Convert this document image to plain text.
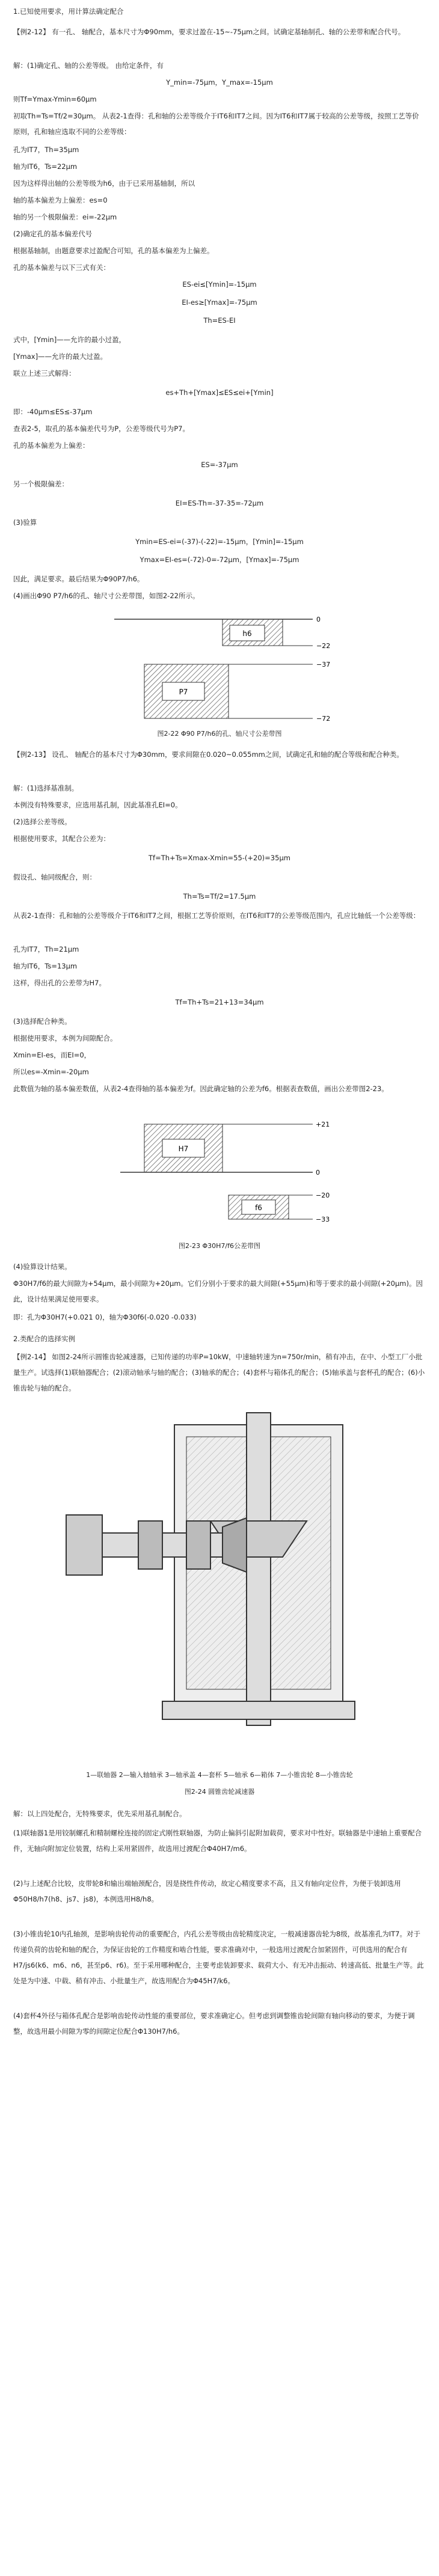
1.已知使用要求，用计算法确定配合
【例2-12】 有一孔、 轴配合，基本尺寸为Φ90mm，要求过盈在-15~-75μm之间。试确定基轴制孔、轴的公差带和配合代号。
解：(1)确定孔、轴的公差等级。 由给定条件，有
Y_min=-75μm，Y_max=-15μm
则Tf=Ymax-Ymin=60μm
初取Th=Ts=Tf/2=30μm。 从表2-1查得：孔和轴的公差等级介于IT6和IT7之间。因为IT6和IT7属于较高的公差等级，按照工艺等价原则，孔和轴应选取不同的公差等级：
孔为IT7，Th=35μm
轴为IT6，Ts=22μm
因为这样得出轴的公差等级为h6，由于已采用基轴制，所以
轴的基本偏差为上偏差：es=0
轴的另一个极限偏差：ei=-22μm
(2)确定孔的基本偏差代号
根据基轴制，由题意要求过盈配合可知，孔的基本偏差为上偏差。
孔的基本偏差与以下三式有关：
ES-ei≤[Ymin]=-15μm
EI-es≥[Ymax]=-75μm
Th=ES-EI
式中，[Ymin]——允许的最小过盈，
[Ymax]——允许的最大过盈。
联立上述三式解得：
es+Th+[Ymax]≤ES≤ei+[Ymin]
即：-40μm≤ES≤-37μm
查表2-5，取孔的基本偏差代号为P，公差等级代号为P7。
孔的基本偏差为上偏差：
ES=-37μm
另一个极限偏差：
EI=ES-Th=-37-35=-72μm
(3)验算
Ymin=ES-ei=(-37)-(-22)=-15μm，[Ymin]=-15μm
Ymax=EI-es=(-72)-0=-72μm，[Ymax]=-75μm
因此，满足要求。最后结果为Φ90P7/h6。
(4)画出Φ90 P7/h6的孔、轴尺寸公差带图，如图2-22所示。
h6
P7
0
−22
−37
−72
图2-22 Φ90 P7/h6的孔、轴尺寸公差带图
【例2-13】 设孔、 轴配合的基本尺寸为Φ30mm，要求间隙在0.020~0.055mm之间，试确定孔和轴的配合等级和配合种类。
解：(1)选择基准制。
本例没有特殊要求，应选用基孔制，因此基准孔EI=0。
(2)选择公差等级。
根据使用要求，其配合公差为：
Tf=Th+Ts=Xmax-Xmin=55-(+20)=35μm
假设孔、轴同级配合，则：
Th=Ts=Tf/2=17.5μm
从表2-1查得：孔和轴的公差等级介于IT6和IT7之间，根据工艺等价原则，在IT6和IT7的公差等级范围内，孔应比轴低一个公差等级：
孔为IT7，Th=21μm
轴为IT6，Ts=13μm
这样，得出孔的公差带为H7。
Tf=Th+Ts=21+13=34μm
(3)选择配合种类。
根据使用要求，本例为间隙配合。
Xmin=EI-es，而EI=0，
所以es=-Xmin=-20μm
此数值为轴的基本偏差数值，从表2-4查得轴的基本偏差为f。因此确定轴的公差为f6。根据表查数值，画出公差带图2-23。
H7
f6
+21
0
−20
−33
图2-23 Φ30H7/f6公差带图
(4)验算设计结果。
Φ30H7/f6的最大间隙为+54μm，最小间隙为+20μm。它们分别小于要求的最大间隙(+55μm)和等于要求的最小间隙(+20μm)。因此，设计结果满足使用要求。
即：孔为Φ30H7(+0.021 0)，轴为Φ30f6(-0.020 -0.033)
2.类配合的选择实例
【例2-14】 如图2-24所示圆锥齿轮减速器，已知传递的功率P=10kW，中速轴转速为n=750r/min，稍有冲击，在中、小型工厂小批量生产。试选择(1)联轴器配合；(2)滚动轴承与轴的配合；(3)轴承的配合；(4)套杯与箱体孔的配合；(5)轴承盖与套杯孔的配合；(6)小锥齿轮与轴的配合。
1—联轴器 2—输入轴轴承 3—轴承盖 4—套杯 5—轴承 6—箱体 7—小锥齿轮 8—小锥齿轮
图2-24 圆锥齿轮减速器
解：以上四处配合，无特殊要求，优先采用基孔制配合。
(1)联轴器1是用铰制螺孔和精制螺栓连接的固定式刚性联轴器，为防止偏斜引起附加载荷，要求对中性好。联轴器是中速轴上重要配合件，无轴向附加定位装置，结构上采用紧固件，故选用过渡配合Φ40H7/m6。
(2)与上述配合比较，皮带轮8和输出端轴颈配合，因是挠性件传动，故定心精度要求不高，且又有轴向定位件，为便于装卸选用Φ50H8/h7(h8、js7、js8)，本例选用H8/h8。
(3)小锥齿轮10内孔轴颈，是影响齿轮传动的重要配合，内孔公差等级由齿轮精度决定，一般减速器齿轮为8级，故基准孔为IT7。对于传递负荷的齿轮和轴的配合，为保证齿轮的工作精度和啮合性能，要求准确对中，一般选用过渡配合加紧固件，可供选用的配合有H7/js6(k6、m6、n6，甚至p6、r6)。至于采用哪种配合，主要考虑装卸要求、载荷大小、有无冲击振动、转速高低、批量生产等。此处是为中速、中载、稍有冲击、小批量生产，故选用配合为Φ45H7/k6。
(4)套杯4外径与箱体孔配合是影响齿轮传动性能的重要部位，要求准确定心。但考虑到调整锥齿轮间隙有轴向移动的要求，为便于调整，故选用最小间隙为零的间隙定位配合Φ130H7/h6。
